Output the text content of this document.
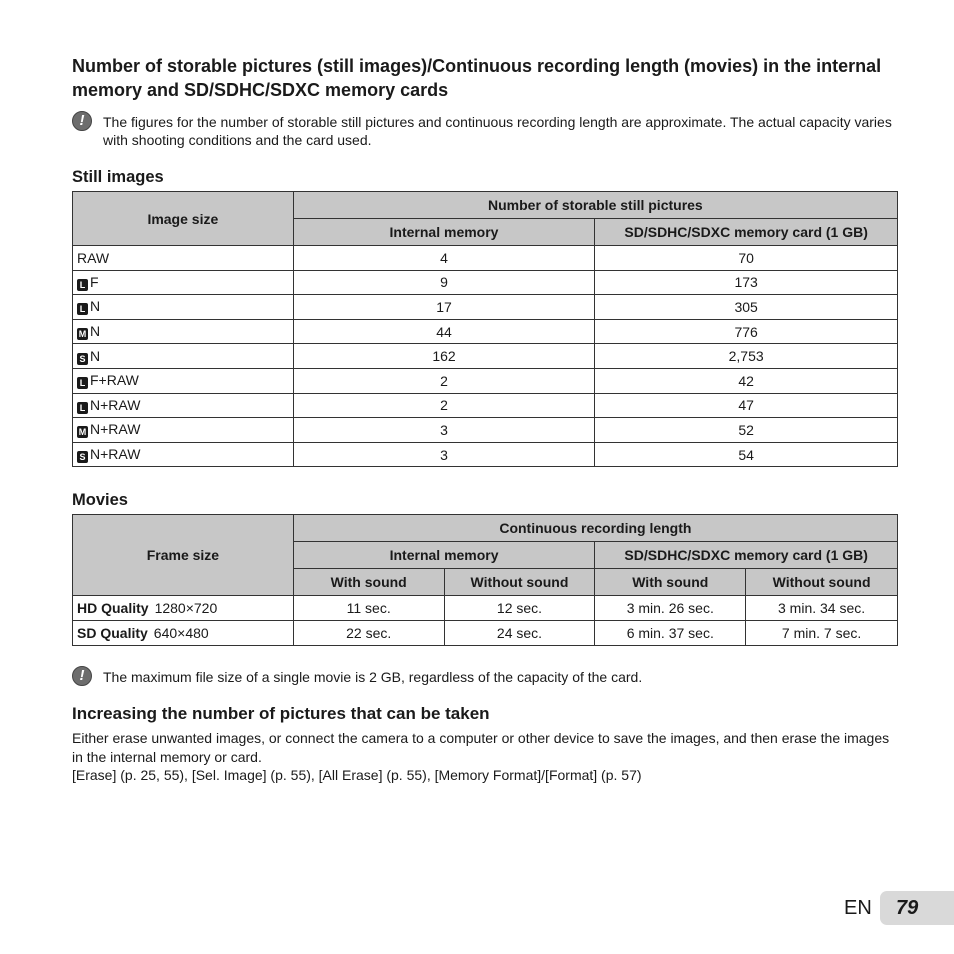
Number of storable pictures (still images)/Continuous recording length (movies) in the internal memory and SD/SDHC/SDXC memory cards
!	The figures for the number of storable still pictures and continuous recording length are approximate. The actual capacity varies with shooting conditions and the card used.
Still images
Image size	Number of storable still pictures	
	Internal memory	SD/SDHC/SDXC memory card (1 GB)
RAW	4	70
L F	9	173
L N	17	305
M N	44	776
S N	162	2,753
L F+RAW	2	42
L N+RAW	2	47
M N+RAW	3	52
S N+RAW	3	54
Movies
Frame size	Continuous recording length			
	Internal memory		SD/SDHC/SDXC memory card (1 GB)	
	With sound	Without sound	With sound	Without sound
HD Quality 1280×720	11 sec.	12 sec.	3 min. 26 sec.	3 min. 34 sec.
SD Quality 640×480	22 sec.	24 sec.	6 min. 37 sec.	7 min. 7 sec.
!	The maximum file size of a single movie is 2 GB, regardless of the capacity of the card.
Increasing the number of pictures that can be taken

Either erase unwanted images, or connect the camera to a computer or other device to save the images, and then erase the images in the internal memory or card.

[Erase] (p. 25, 55), [Sel. Image] (p. 55), [All Erase] (p. 55), [Memory Format]/[Format] (p. 57)

EN	79
